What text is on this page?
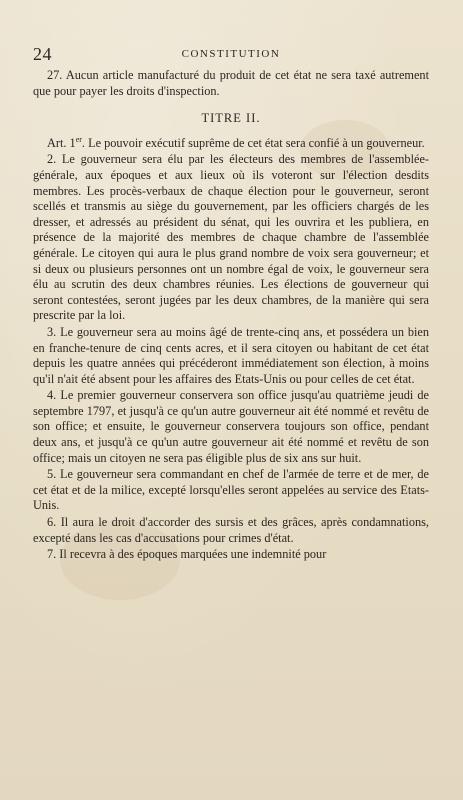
24	CONSTITUTION

27. Aucun article manufacturé du produit de cet état ne sera taxé autrement que pour payer les droits d'inspection.

TITRE II.

Art. 1er. Le pouvoir exécutif suprême de cet état sera confié à un gouverneur.

2. Le gouverneur sera élu par les électeurs des membres de l'assemblée-générale, aux époques et aux lieux où ils voteront sur l'élection desdits membres. Les procès-verbaux de chaque élection pour le gouverneur, seront scellés et transmis au siège du gouvernement, par les officiers chargés de les dresser, et adressés au président du sénat, qui les ouvrira et les publiera, en présence de la majorité des membres de chaque chambre de l'assemblée générale. Le citoyen qui aura le plus grand nombre de voix sera gouverneur; et si deux ou plusieurs personnes ont un nombre égal de voix, le gouverneur sera élu au scrutin des deux chambres réunies. Les élections de gouverneur qui seront contestées, seront jugées par les deux chambres, de la manière qui sera prescrite par la loi.

3. Le gouverneur sera au moins âgé de trente-cinq ans, et possédera un bien en franche-tenure de cinq cents acres, et il sera citoyen ou habitant de cet état depuis les quatre années qui précéderont immédiatement son élection, à moins qu'il n'ait été absent pour les affaires des Etats-Unis ou pour celles de cet état.

4. Le premier gouverneur conservera son office jusqu'au quatrième jeudi de septembre 1797, et jusqu'à ce qu'un autre gouverneur ait été nommé et revêtu de son office; et ensuite, le gouverneur conservera toujours son office, pendant deux ans, et jusqu'à ce qu'un autre gouverneur ait été nommé et revêtu de son office; mais un citoyen ne sera pas éligible plus de six ans sur huit.

5. Le gouverneur sera commandant en chef de l'armée de terre et de mer, de cet état et de la milice, excepté lorsqu'elles seront appelées au service des Etats-Unis.

6. Il aura le droit d'accorder des sursis et des grâces, après condamnations, excepté dans les cas d'accusations pour crimes d'état.

7. Il recevra à des époques marquées une indemnité pour
